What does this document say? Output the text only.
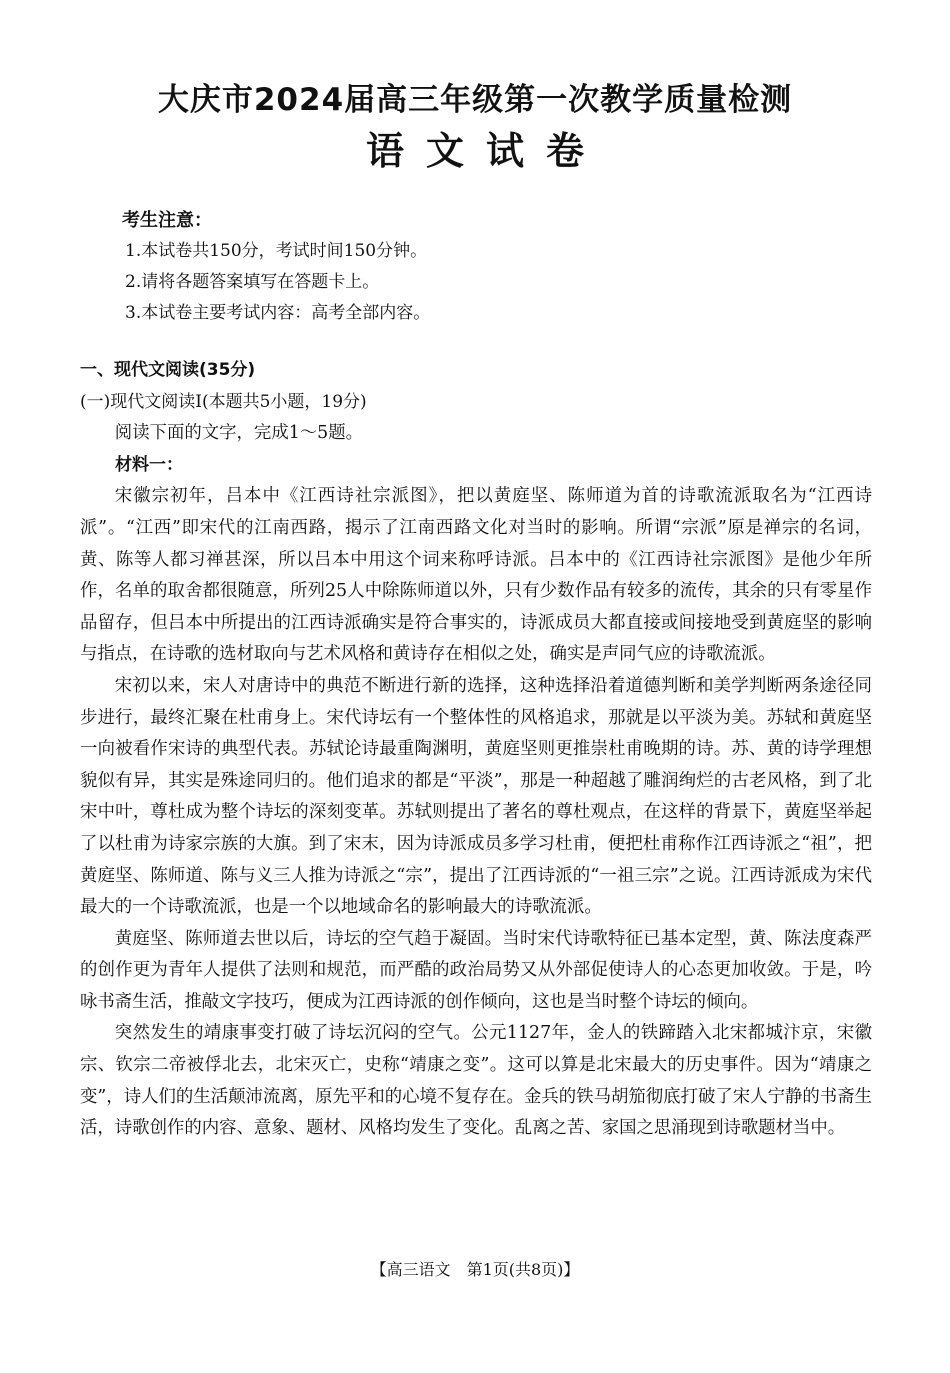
大庆市2024届高三年级第一次教学质量检测
语文试卷
考生注意：
1.本试卷共150分，考试时间150分钟。
2.请将各题答案填写在答题卡上。
3.本试卷主要考试内容：高考全部内容。
一、现代文阅读(35分)
(一)现代文阅读Ⅰ(本题共5小题，19分)
阅读下面的文字，完成1～5题。
材料一：

宋徽宗初年，吕本中《江西诗社宗派图》，把以黄庭坚、陈师道为首的诗歌流派取名为“江西诗派”。“江西”即宋代的江南西路，揭示了江南西路文化对当时的影响。所谓“宗派”原是禅宗的名词，黄、陈等人都习禅甚深，所以吕本中用这个词来称呼诗派。吕本中的《江西诗社宗派图》是他少年所作，名单的取舍都很随意，所列25人中除陈师道以外，只有少数作品有较多的流传，其余的只有零星作品留存，但吕本中所提出的江西诗派确实是符合事实的，诗派成员大都直接或间接地受到黄庭坚的影响与指点，在诗歌的选材取向与艺术风格和黄诗存在相似之处，确实是声同气应的诗歌流派。

宋初以来，宋人对唐诗中的典范不断进行新的选择，这种选择沿着道德判断和美学判断两条途径同步进行，最终汇聚在杜甫身上。宋代诗坛有一个整体性的风格追求，那就是以平淡为美。苏轼和黄庭坚一向被看作宋诗的典型代表。苏轼论诗最重陶渊明，黄庭坚则更推崇杜甫晚期的诗。苏、黄的诗学理想貌似有异，其实是殊途同归的。他们追求的都是“平淡”，那是一种超越了雕润绚烂的古老风格，到了北宋中叶，尊杜成为整个诗坛的深刻变革。苏轼则提出了著名的尊杜观点，在这样的背景下，黄庭坚举起了以杜甫为诗家宗族的大旗。到了宋末，因为诗派成员多学习杜甫，便把杜甫称作江西诗派之“祖”，把黄庭坚、陈师道、陈与义三人推为诗派之“宗”，提出了江西诗派的“一祖三宗”之说。江西诗派成为宋代最大的一个诗歌流派，也是一个以地域命名的影响最大的诗歌流派。

黄庭坚、陈师道去世以后，诗坛的空气趋于凝固。当时宋代诗歌特征已基本定型，黄、陈法度森严的创作更为青年人提供了法则和规范，而严酷的政治局势又从外部促使诗人的心态更加收敛。于是，吟咏书斋生活，推敲文字技巧，便成为江西诗派的创作倾向，这也是当时整个诗坛的倾向。

突然发生的靖康事变打破了诗坛沉闷的空气。公元1127年，金人的铁蹄踏入北宋都城汴京，宋徽宗、钦宗二帝被俘北去，北宋灭亡，史称“靖康之变”。这可以算是北宋最大的历史事件。因为“靖康之变”，诗人们的生活颠沛流离，原先平和的心境不复存在。金兵的铁马胡笳彻底打破了宋人宁静的书斋生活，诗歌创作的内容、意象、题材、风格均发生了变化。乱离之苦、家国之思涌现到诗歌题材当中。

【高三语文　第1页(共8页)】
